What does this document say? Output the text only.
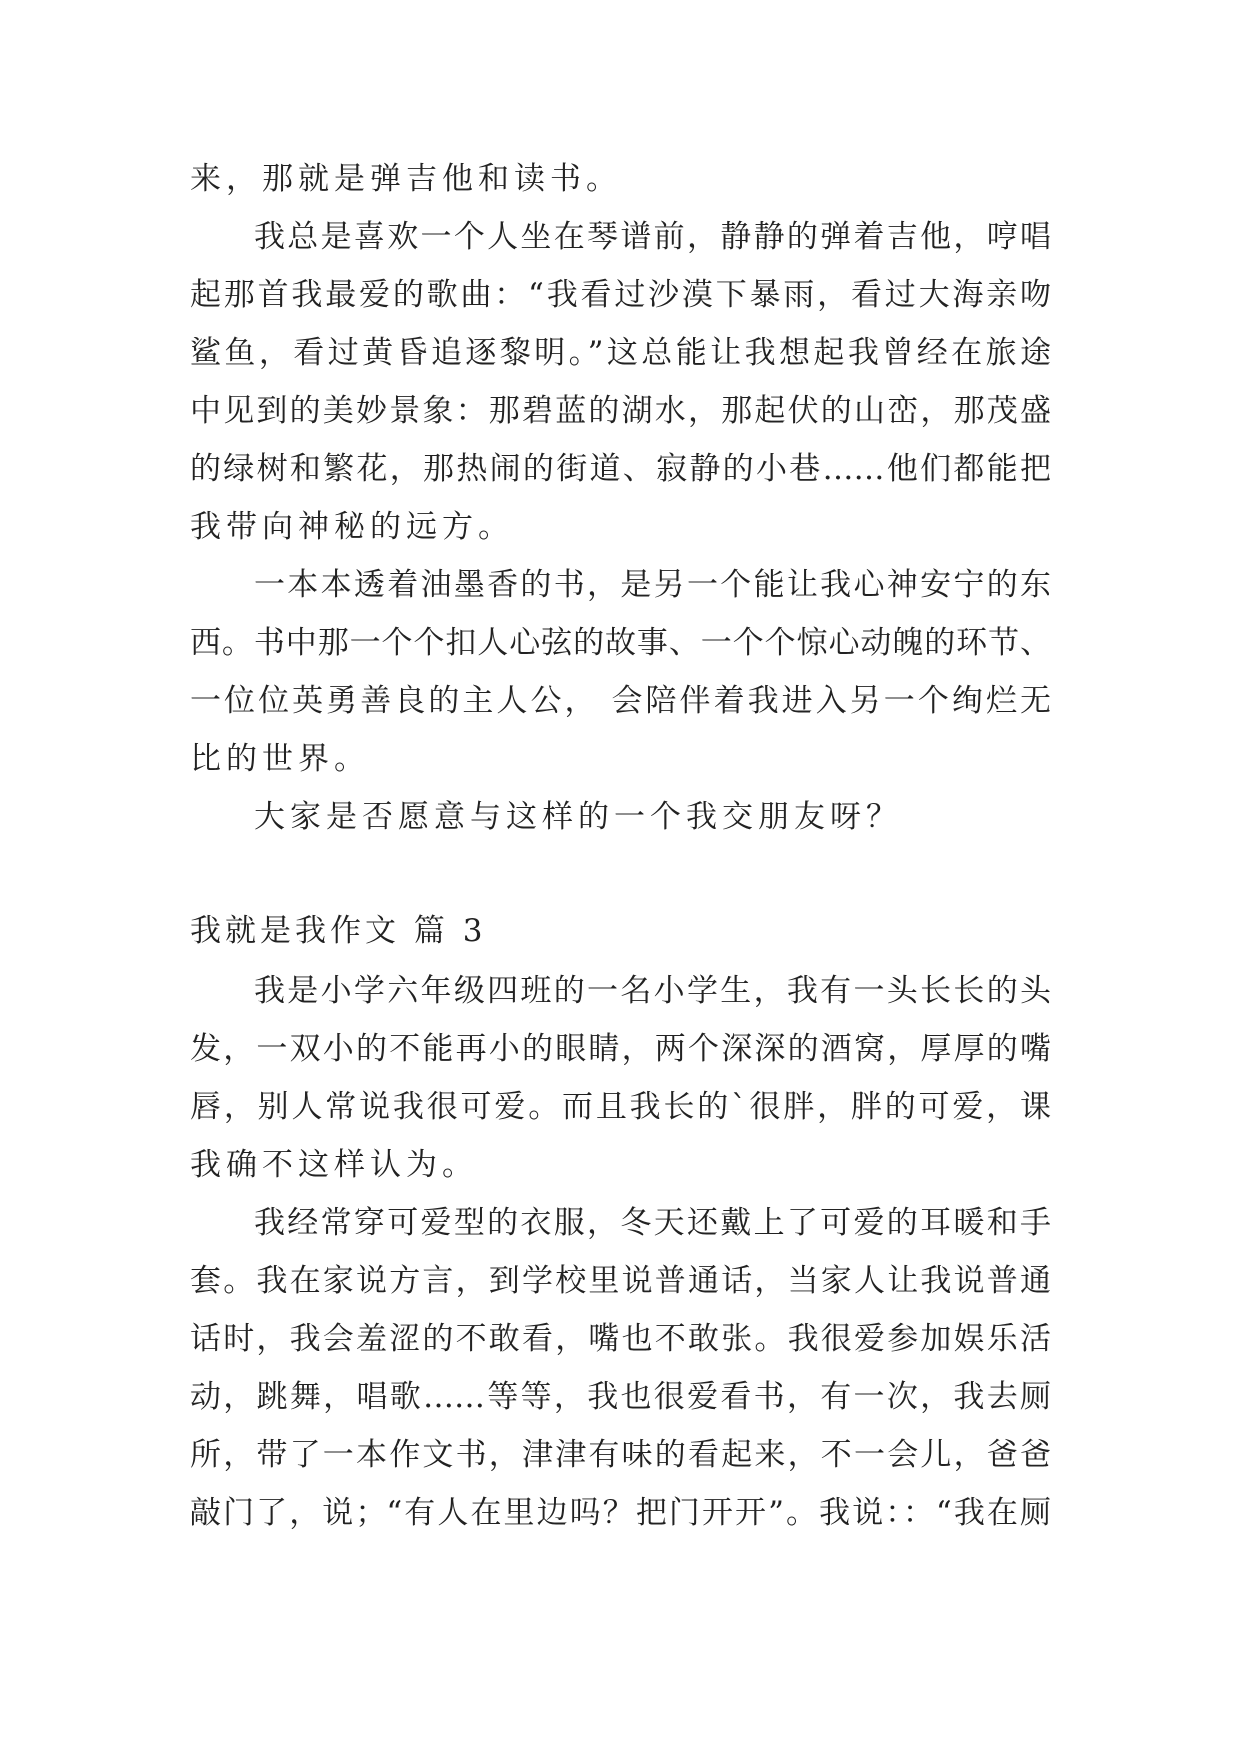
来，那就是弹吉他和读书。
我总是喜欢一个人坐在琴谱前，静静的弹着吉他，哼唱
起那首我最爱的歌曲：“我看过沙漠下暴雨，看过大海亲吻
鲨鱼，看过黄昏追逐黎明。”这总能让我想起我曾经在旅途
中见到的美妙景象：那碧蓝的湖水，那起伏的山峦，那茂盛
的绿树和繁花，那热闹的街道、寂静的小巷……他们都能把
我带向神秘的远方。
一本本透着油墨香的书，是另一个能让我心神安宁的东
西。书中那一个个扣人心弦的故事、一个个惊心动魄的环节、
一位位英勇善良的主人公， 会陪伴着我进入另一个绚烂无
比的世界。
大家是否愿意与这样的一个我交朋友呀？
我就是我作文 篇 3
我是小学六年级四班的一名小学生，我有一头长长的头
发，一双小的不能再小的眼睛，两个深深的酒窝，厚厚的嘴
唇，别人常说我很可爱。而且我长的`很胖，胖的可爱，课
我确不这样认为。
我经常穿可爱型的衣服，冬天还戴上了可爱的耳暖和手
套。我在家说方言，到学校里说普通话，当家人让我说普通
话时，我会羞涩的不敢看，嘴也不敢张。我很爱参加娱乐活
动，跳舞，唱歌……等等，我也很爱看书，有一次，我去厕
所，带了一本作文书，津津有味的看起来，不一会儿，爸爸
敲门了，说；“有人在里边吗？把门开开”。我说：：“我在厕
